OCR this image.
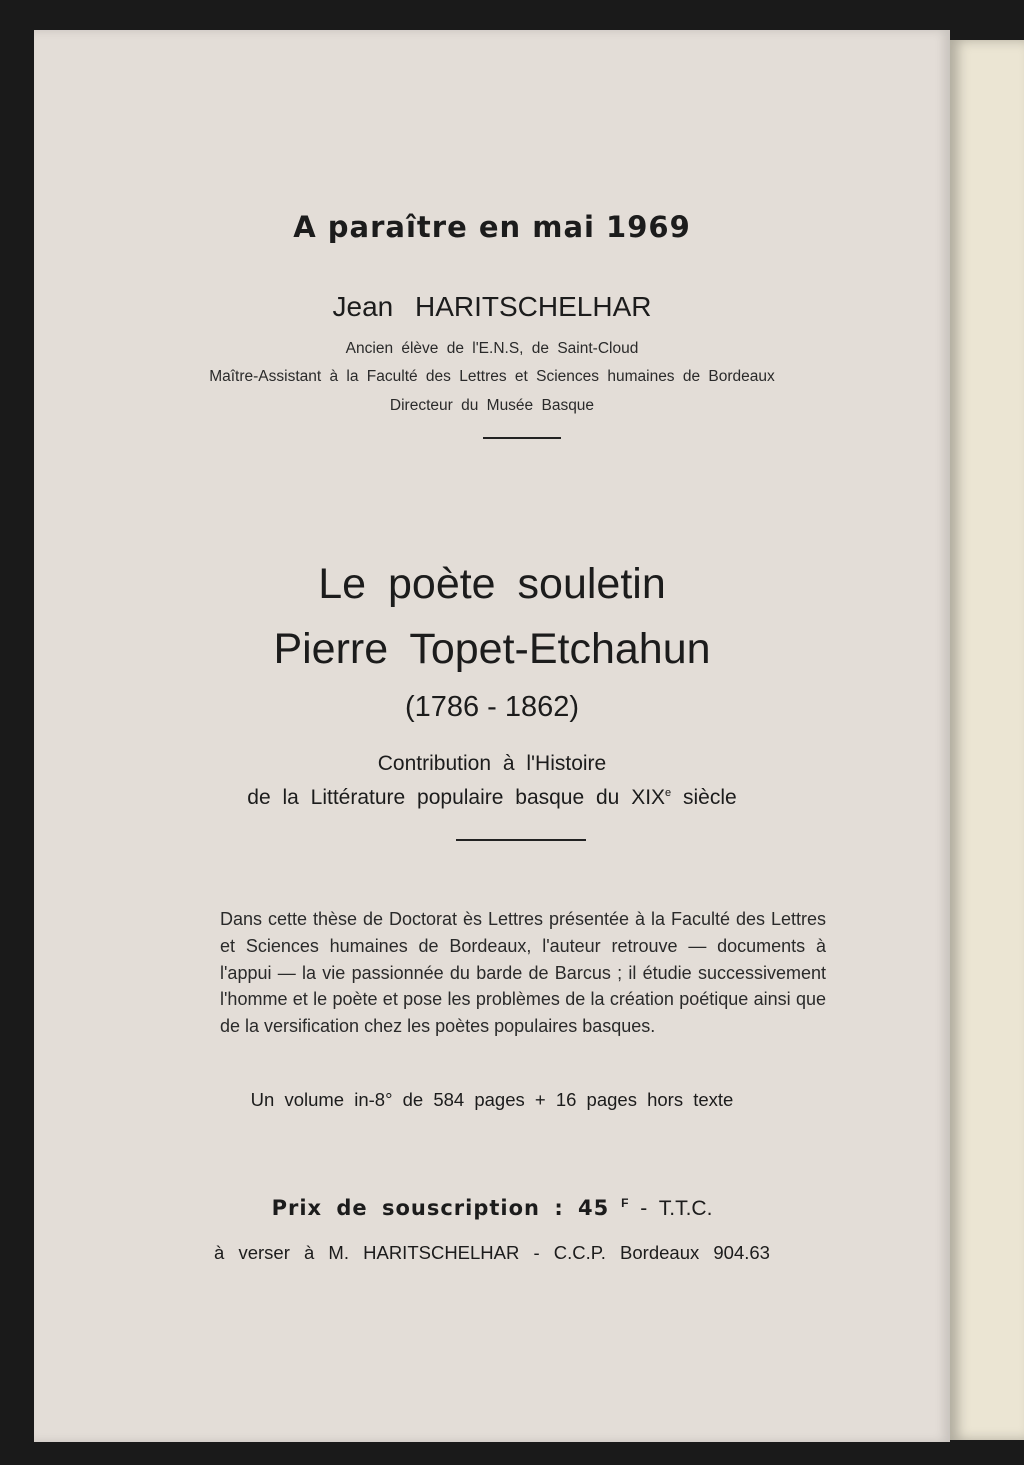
A paraître en mai 1969
Jean HARITSCHELHAR
Ancien élève de l'E.N.S, de Saint-Cloud
Maître-Assistant à la Faculté des Lettres et Sciences humaines de Bordeaux
Directeur du Musée Basque
Le poète souletin
Pierre Topet-Etchahun
(1786 - 1862)
Contribution à l'Histoire
de la Littérature populaire basque du XIXe siècle
Dans cette thèse de Doctorat ès Lettres présentée à la Faculté des Lettres et Sciences humaines de Bordeaux, l'auteur retrouve — documents à l'appui — la vie passionnée du barde de Barcus ; il étudie successivement l'homme et le poète et pose les problèmes de la création poétique ainsi que de la versification chez les poètes populaires basques.
Un volume in-8° de 584 pages + 16 pages hors texte
Prix de souscription : 45 $^F$ - T.T.C.
à verser à M. HARITSCHELHAR - C.C.P. Bordeaux 904.63
